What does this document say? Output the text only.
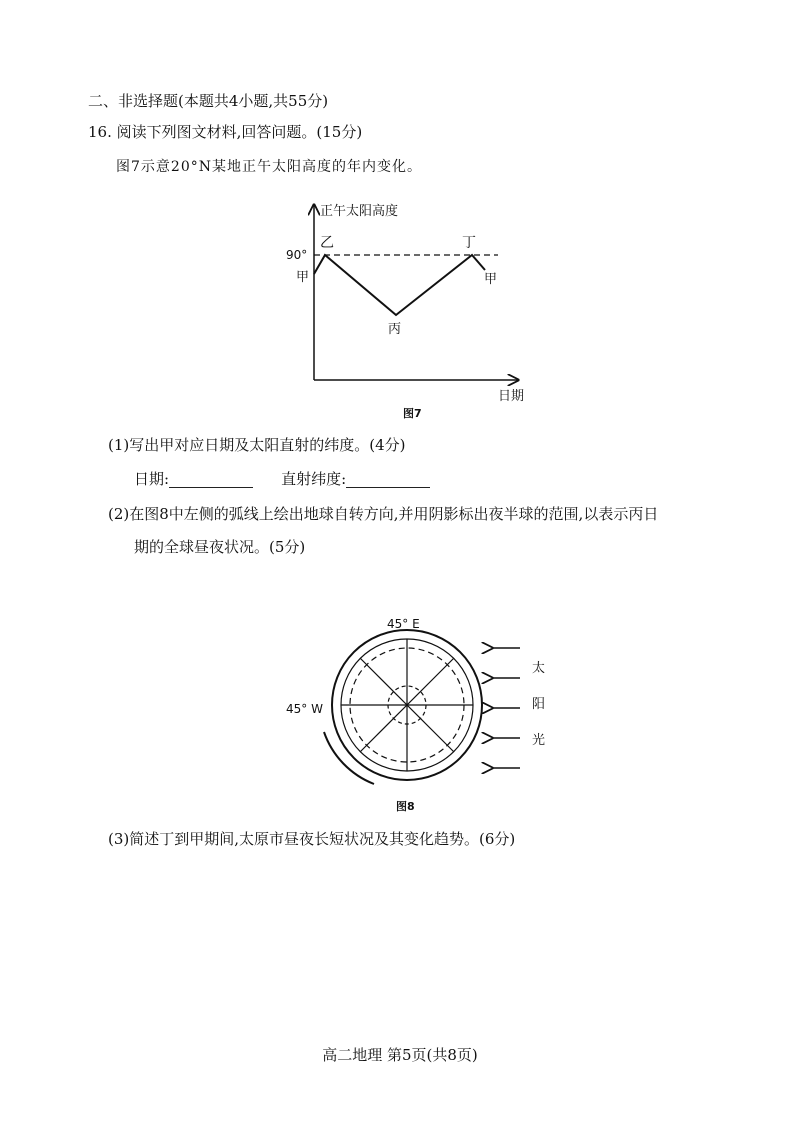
二、非选择题(本题共4小题,共55分)
16. 阅读下列图文材料,回答问题。(15分)
图7示意20°N某地正午太阳高度的年内变化。
正午太阳高度
日期
90°
乙	丁
甲	甲
丙
图7
(1)写出甲对应日期及太阳直射的纬度。(4分)
日期:	直射纬度:
(2)在图8中左侧的弧线上绘出地球自转方向,并用阴影标出夜半球的范围,以表示丙日
期的全球昼夜状况。(5分)
45° E
45° W
太
阳
光
图8
(3)简述丁到甲期间,太原市昼夜长短状况及其变化趋势。(6分)
高二地理 第5页(共8页)
